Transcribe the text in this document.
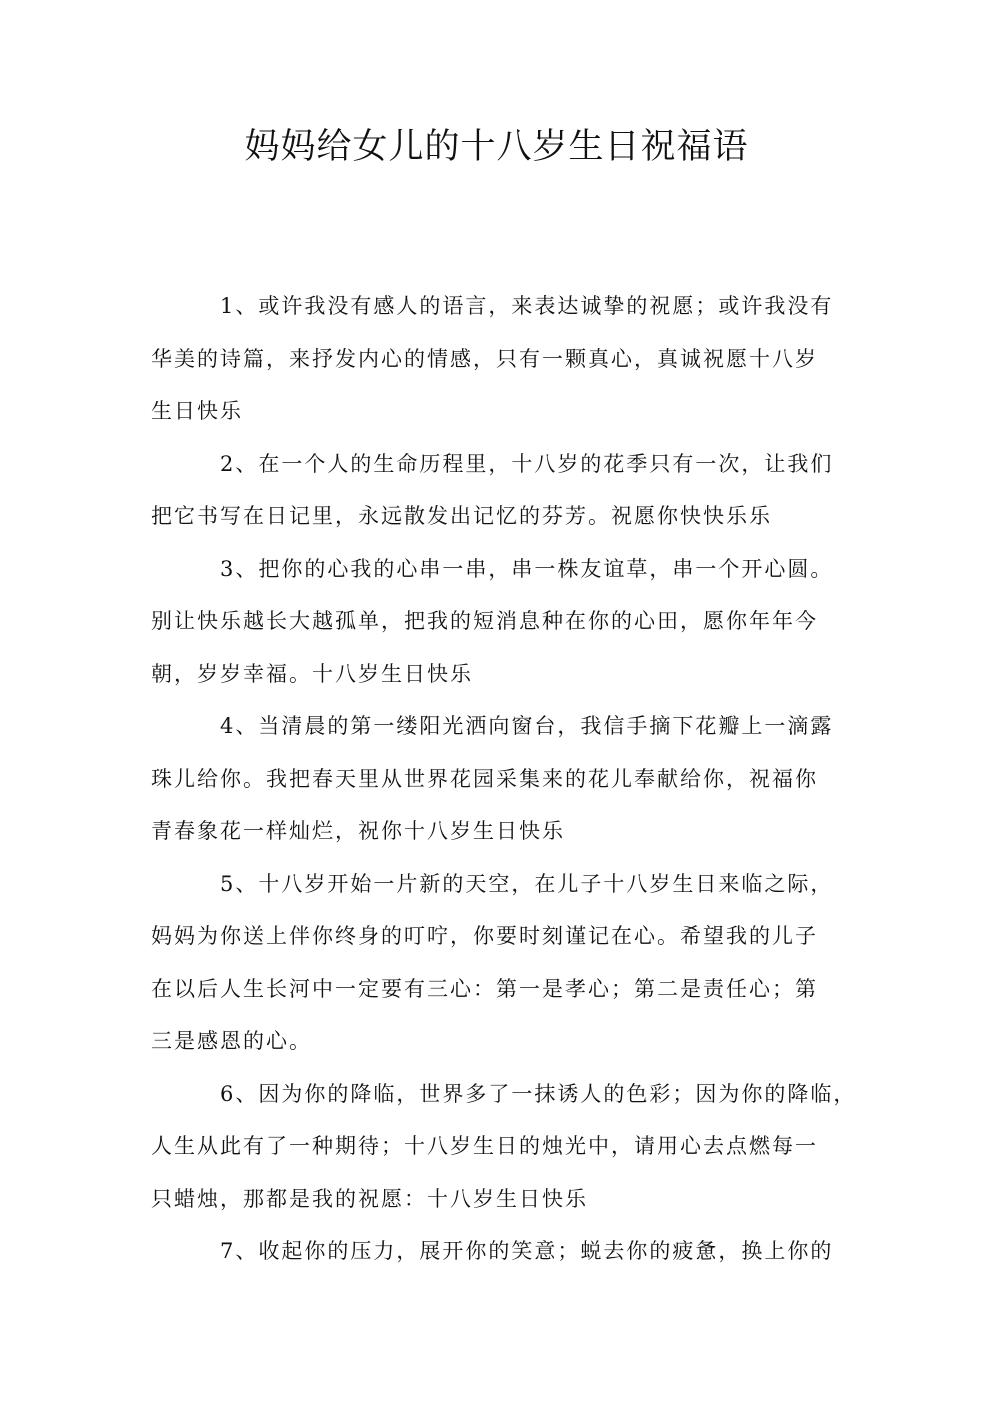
妈妈给女儿的十八岁生日祝福语

1、或许我没有感人的语言，来表达诚挚的祝愿；或许我没有
华美的诗篇，来抒发内心的情感，只有一颗真心，真诚祝愿十八岁
生日快乐

2、在一个人的生命历程里，十八岁的花季只有一次，让我们
把它书写在日记里，永远散发出记忆的芬芳。祝愿你快快乐乐

3、把你的心我的心串一串，串一株友谊草，串一个开心圆。
别让快乐越长大越孤单，把我的短消息种在你的心田，愿你年年今
朝，岁岁幸福。十八岁生日快乐

4、当清晨的第一缕阳光洒向窗台，我信手摘下花瓣上一滴露
珠儿给你。我把春天里从世界花园采集来的花儿奉献给你，祝福你
青春象花一样灿烂，祝你十八岁生日快乐

5、十八岁开始一片新的天空，在儿子十八岁生日来临之际，
妈妈为你送上伴你终身的叮咛，你要时刻谨记在心。希望我的儿子
在以后人生长河中一定要有三心：第一是孝心；第二是责任心；第
三是感恩的心。

6、因为你的降临，世界多了一抹诱人的色彩；因为你的降临，
人生从此有了一种期待；十八岁生日的烛光中，请用心去点燃每一
只蜡烛，那都是我的祝愿：十八岁生日快乐

7、收起你的压力，展开你的笑意；蜕去你的疲惫，换上你的
